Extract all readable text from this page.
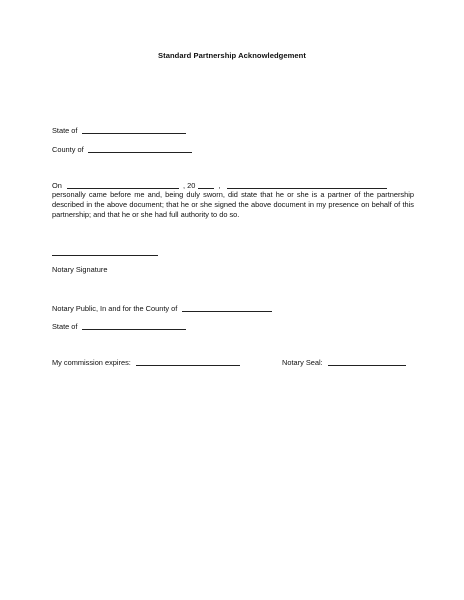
Standard Partnership Acknowledgement
State of
County of
On	, 20	,
personally came before me and, being duly sworn, did state that he or she is a partner of the partnership described in the above document; that he or she signed the above document in my presence on behalf of this partnership; and that he or she had full authority to do so.
Notary Signature
Notary Public, In and for the County of
State of
My commission expires:	Notary Seal:
